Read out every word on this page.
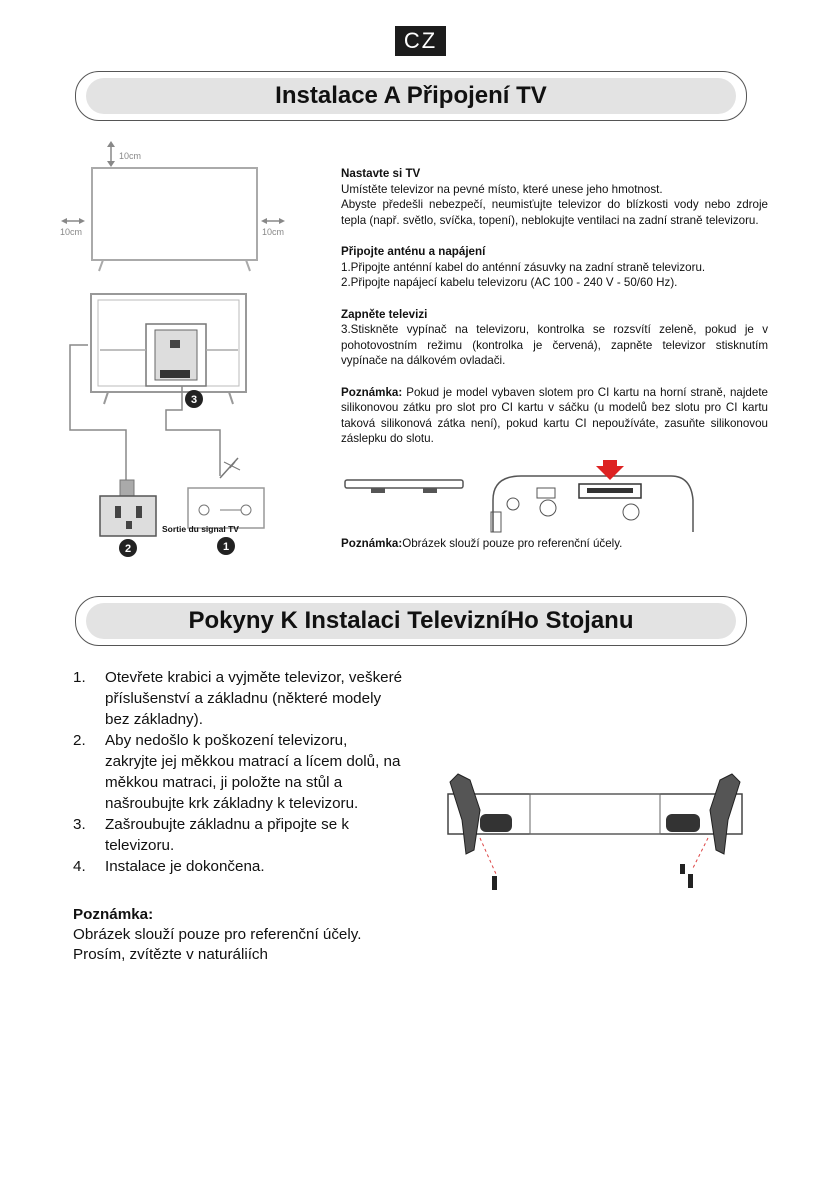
CZ
Instalace A Připojení TV
10cm
10cm	10cm
3
2
Sortie du signal TV
1
Nastavte si TV

Umístěte televizor na pevné místo, které unese jeho hmotnost.

Abyste předešli nebezpečí, neumisťujte televizor do blízkosti vody nebo zdroje tepla (např. světlo, svíčka, topení), neblokujte ventilaci na zadní straně televizoru.

Připojte anténu a napájení

1.Připojte anténní kabel do anténní zásuvky na zadní straně televizoru.

2.Připojte napájecí kabelu televizoru (AC 100 - 240 V - 50/60 Hz).

Zapněte televizi

3.Stiskněte vypínač na televizoru, kontrolka se rozsvítí zeleně, pokud je v pohotovostním režimu (kontrolka je červená), zapněte televizor stisknutím vypínače na dálkovém ovladači.

Poznámka: Pokud je model vybaven slotem pro CI kartu na horní straně, najdete silikonovou zátku pro slot pro CI kartu v sáčku (u modelů bez slotu pro CI kartu taková silikonová zátka není), pokud kartu CI nepoužíváte, zasuňte silikonovou záslepku do slotu.

Poznámka:Obrázek slouží pouze pro referenční účely.
Pokyny K Instalaci TelevizníHo Stojanu
1.	Otevřete krabici a vyjměte televizor, veškeré příslušenství a základnu (některé modely bez základny).
2.	Aby nedošlo k poškození televizoru, zakryjte jej měkkou matrací a lícem dolů, na měkkou matraci, ji položte na stůl a našroubujte krk základny k televizoru.
3.	Zašroubujte základnu a připojte se k televizoru.
4.	Instalace je dokončena.
Poznámka:
Obrázek slouží pouze pro referenční účely.
Prosím, zvítězte v naturáliích
